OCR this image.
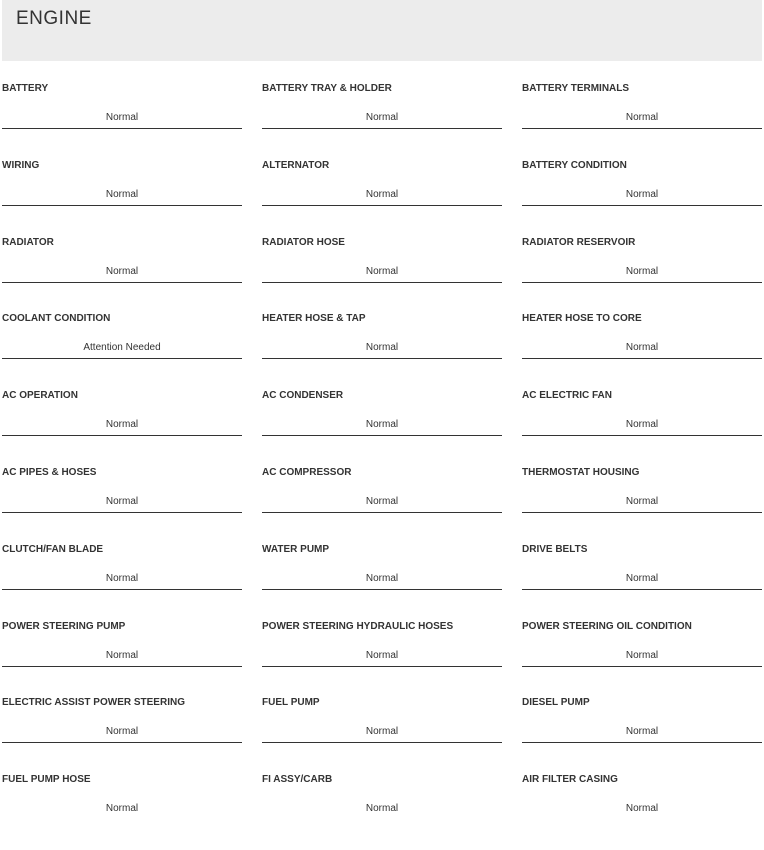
ENGINE
BATTERY
Normal
BATTERY TRAY & HOLDER
Normal
BATTERY TERMINALS
Normal
WIRING
Normal
ALTERNATOR
Normal
BATTERY CONDITION
Normal
RADIATOR
Normal
RADIATOR HOSE
Normal
RADIATOR RESERVOIR
Normal
COOLANT CONDITION
Attention Needed
HEATER HOSE & TAP
Normal
HEATER HOSE TO CORE
Normal
AC OPERATION
Normal
AC CONDENSER
Normal
AC ELECTRIC FAN
Normal
AC PIPES & HOSES
Normal
AC COMPRESSOR
Normal
THERMOSTAT HOUSING
Normal
CLUTCH/FAN BLADE
Normal
WATER PUMP
Normal
DRIVE BELTS
Normal
POWER STEERING PUMP
Normal
POWER STEERING HYDRAULIC HOSES
Normal
POWER STEERING OIL CONDITION
Normal
ELECTRIC ASSIST POWER STEERING
Normal
FUEL PUMP
Normal
DIESEL PUMP
Normal
FUEL PUMP HOSE
Normal
FI ASSY/CARB
Normal
AIR FILTER CASING
Normal
